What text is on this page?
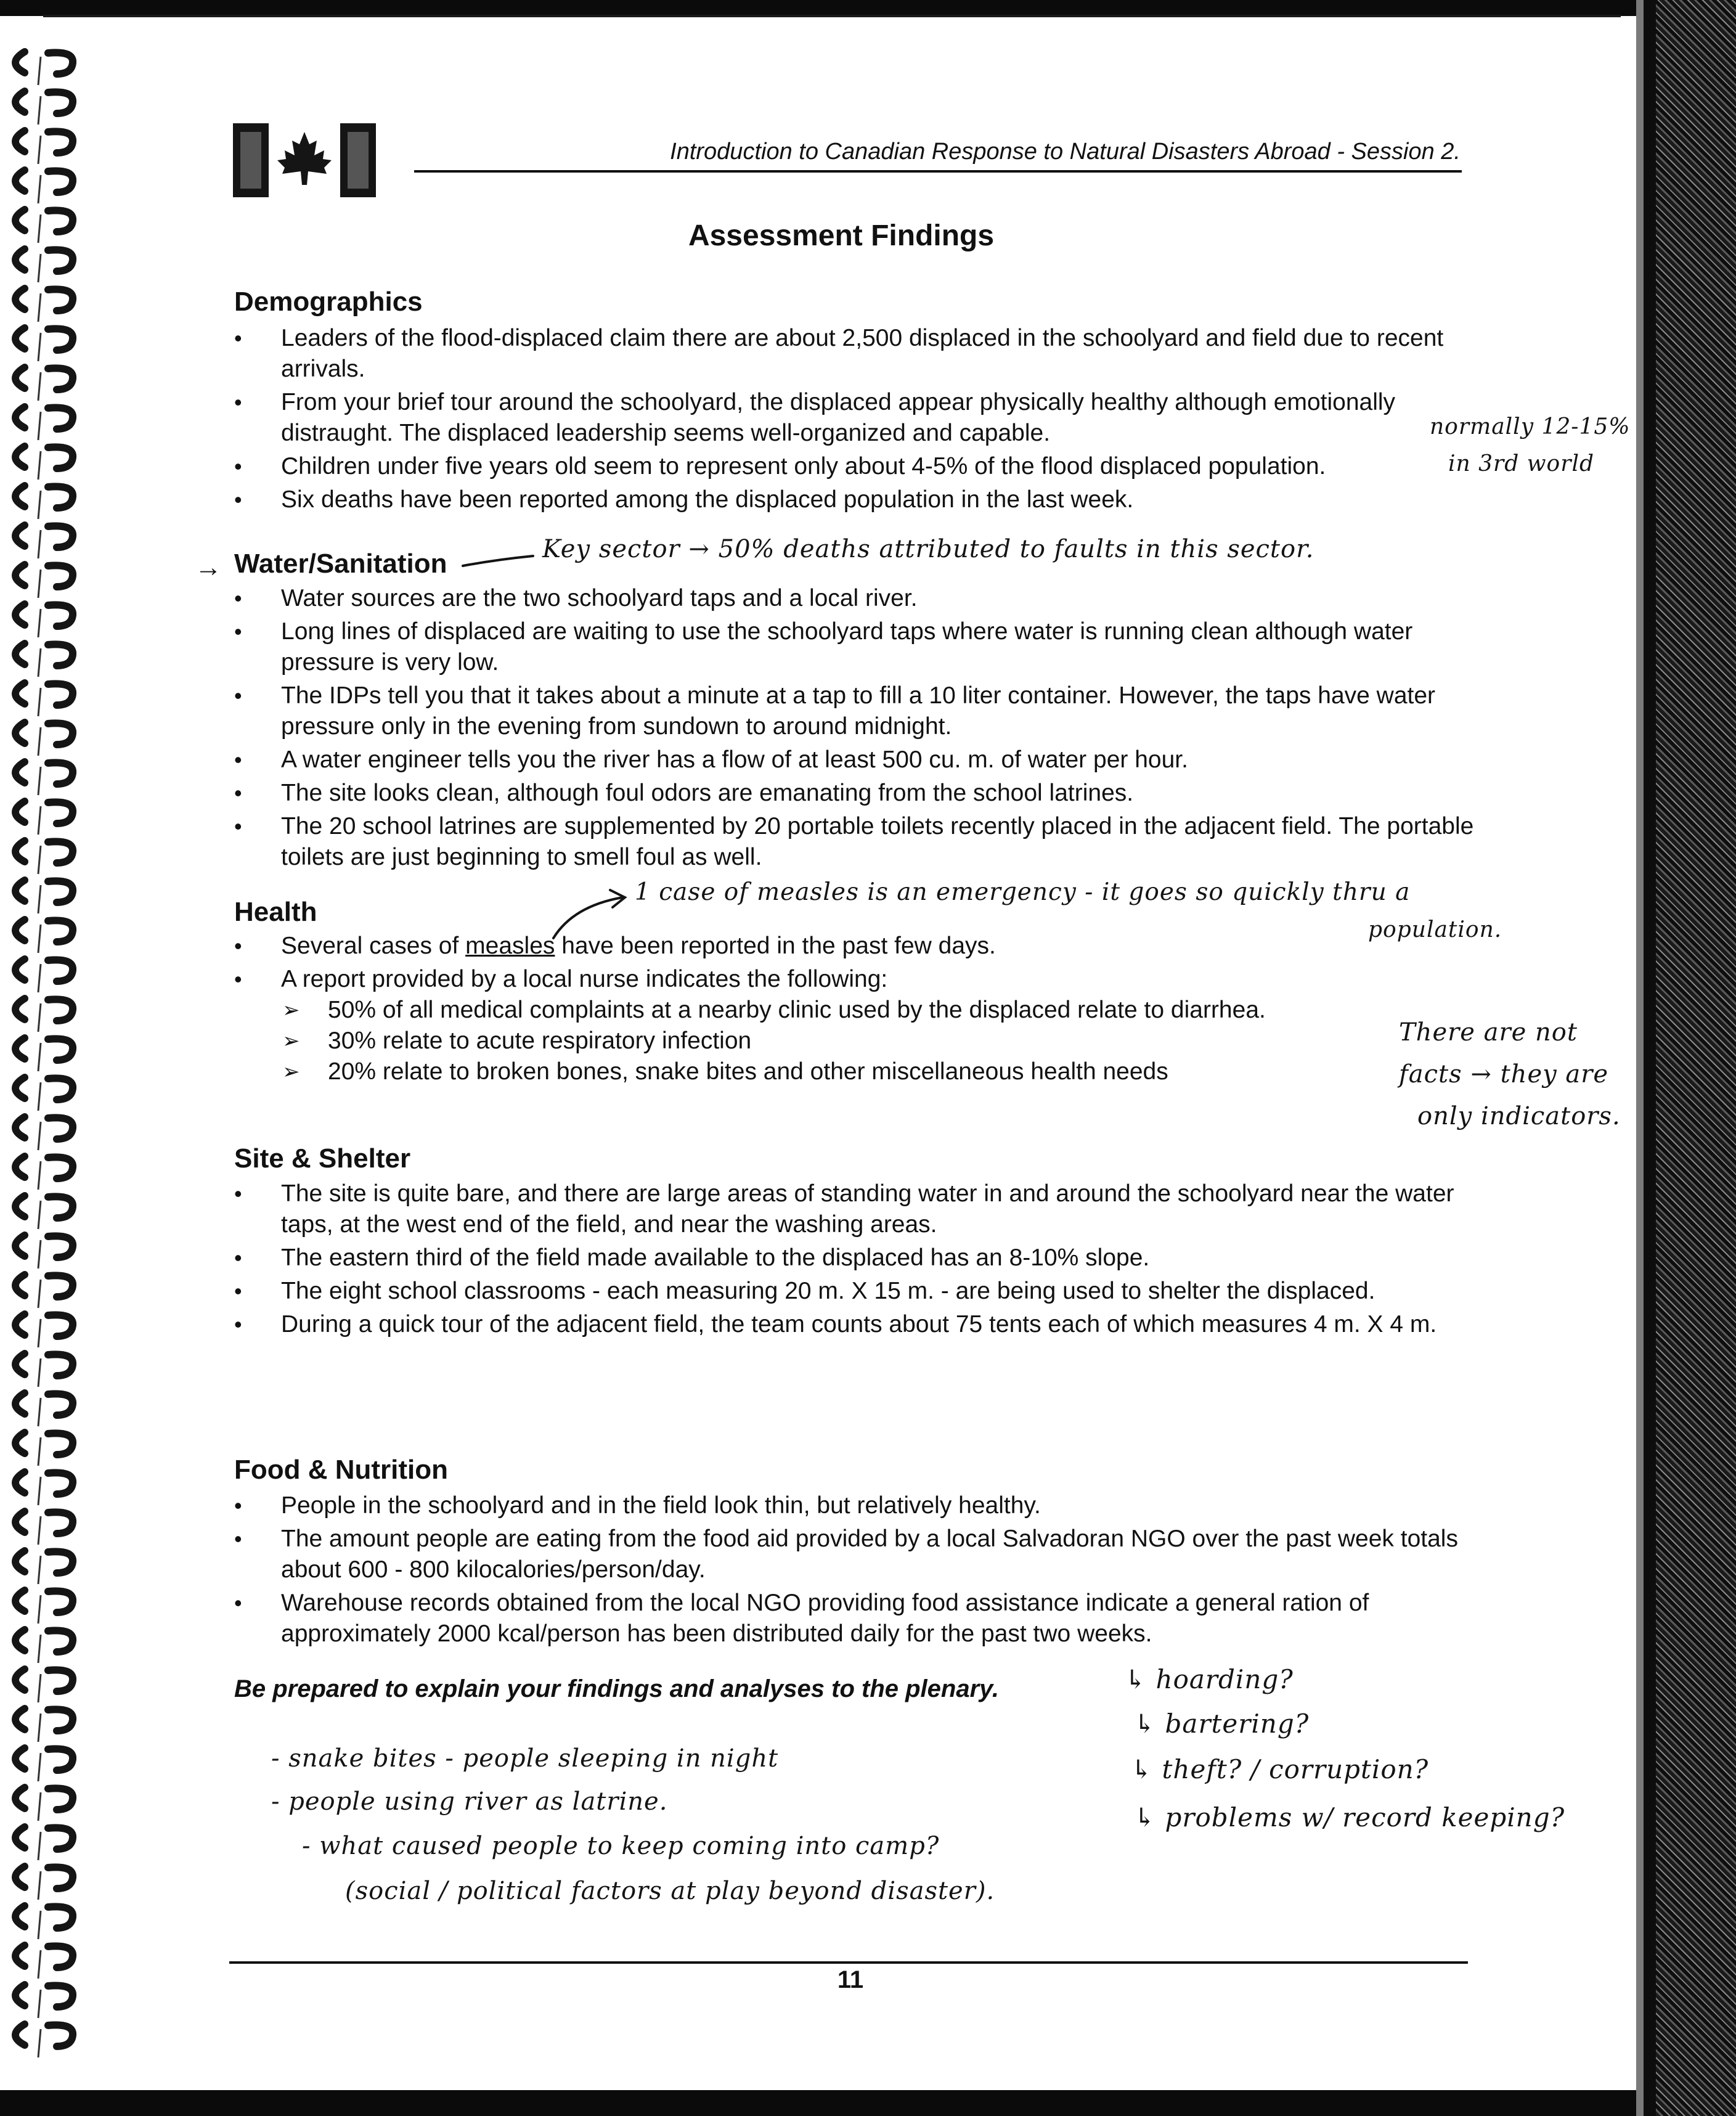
Introduction to Canadian Response to Natural Disasters Abroad - Session 2.
Assessment Findings
Demographics
• Leaders of the flood-displaced claim there are about 2,500 displaced in the schoolyard and field due to recent arrivals.
• From your brief tour around the schoolyard, the displaced appear physically healthy although emotionally distraught. The displaced leadership seems well-organized and capable.
• Children under five years old seem to represent only about 4-5% of the flood displaced population.
• Six deaths have been reported among the displaced population in the last week.
→ Water/Sanitation
• Water sources are the two schoolyard taps and a local river.
• Long lines of displaced are waiting to use the schoolyard taps where water is running clean although water pressure is very low.
• The IDPs tell you that it takes about a minute at a tap to fill a 10 liter container. However, the taps have water pressure only in the evening from sundown to around midnight.
• A water engineer tells you the river has a flow of at least 500 cu. m. of water per hour.
• The site looks clean, although foul odors are emanating from the school latrines.
• The 20 school latrines are supplemented by 20 portable toilets recently placed in the adjacent field. The portable toilets are just beginning to smell foul as well.
Health
• Several cases of measles have been reported in the past few days.
• A report provided by a local nurse indicates the following:
➢ 50% of all medical complaints at a nearby clinic used by the displaced relate to diarrhea.
➢ 30% relate to acute respiratory infection
➢ 20% relate to broken bones, snake bites and other miscellaneous health needs
Site & Shelter
• The site is quite bare, and there are large areas of standing water in and around the schoolyard near the water taps, at the west end of the field, and near the washing areas.
• The eastern third of the field made available to the displaced has an 8-10% slope.
• The eight school classrooms - each measuring 20 m. X 15 m. - are being used to shelter the displaced.
• During a quick tour of the adjacent field, the team counts about 75 tents each of which measures 4 m. X 4 m.
Food & Nutrition
• People in the schoolyard and in the field look thin, but relatively healthy.
• The amount people are eating from the food aid provided by a local Salvadoran NGO over the past week totals about 600 - 800 kilocalories/person/day.
• Warehouse records obtained from the local NGO providing food assistance indicate a general ration of approximately 2000 kcal/person has been distributed daily for the past two weeks.
Be prepared to explain your findings and analyses to the plenary.
11
normally 12-15%
in 3rd world
Key sector → 50% deaths attributed to faults in this sector.
1 case of measles is an emergency - it goes so quickly thru a
population.
There are not
facts → they are
only indicators.
↳ hoarding?
↳ bartering?
↳ theft? / corruption?
↳ problems w/ record keeping?
- snake bites - people sleeping in night
- people using river as latrine.
- what caused people to keep coming into camp?
(social / political factors at play beyond disaster).
